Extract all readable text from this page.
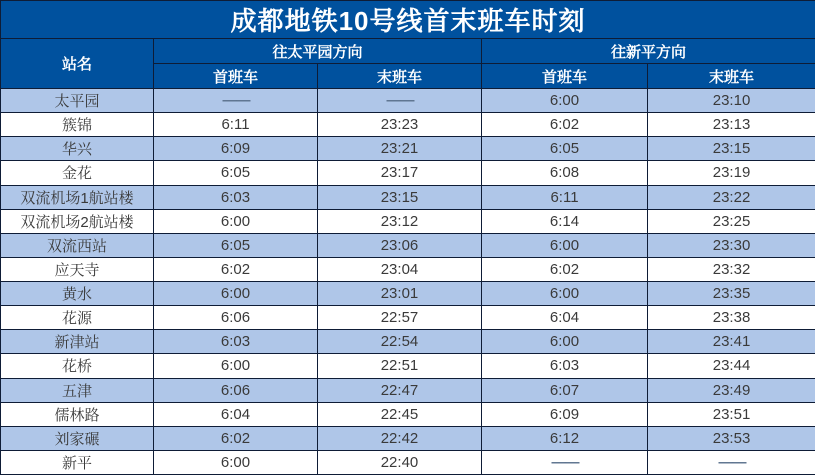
成都地铁10号线首末班车时刻				
站名	往太平园方向		往新平方向	
	首班车	末班车	首班车	末班车
太平园	——	——	6:00	23:10
簇锦	6:11	23:23	6:02	23:13
华兴	6:09	23:21	6:05	23:15
金花	6:05	23:17	6:08	23:19
双流机场1航站楼	6:03	23:15	6:11	23:22
双流机场2航站楼	6:00	23:12	6:14	23:25
双流西站	6:05	23:06	6:00	23:30
应天寺	6:02	23:04	6:02	23:32
黄水	6:00	23:01	6:00	23:35
花源	6:06	22:57	6:04	23:38
新津站	6:03	22:54	6:00	23:41
花桥	6:00	22:51	6:03	23:44
五津	6:06	22:47	6:07	23:49
儒林路	6:04	22:45	6:09	23:51
刘家碾	6:02	22:42	6:12	23:53
新平	6:00	22:40	——	——
